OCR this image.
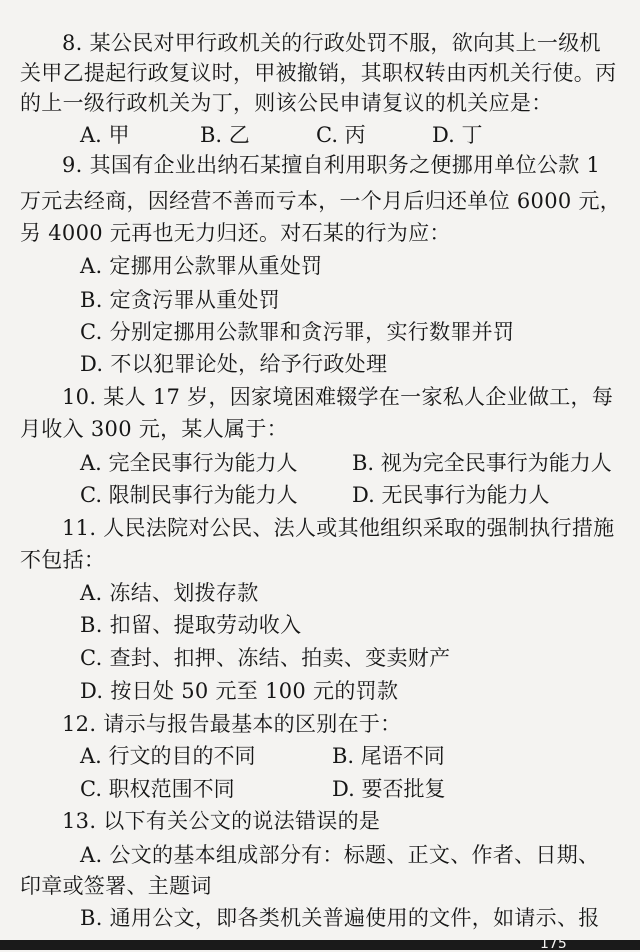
8. 某公民对甲行政机关的行政处罚不服，欲向其上一级机
关甲乙提起行政复议时，甲被撤销，其职权转由丙机关行使。丙
的上一级行政机关为丁，则该公民申请复议的机关应是：
A. 甲	B. 乙	C. 丙	D. 丁
9. 其国有企业出纳石某擅自利用职务之便挪用单位公款 1
万元去经商，因经营不善而亏本，一个月后归还单位 6000 元，
另 4000 元再也无力归还。对石某的行为应：
A. 定挪用公款罪从重处罚
B. 定贪污罪从重处罚
C. 分别定挪用公款罪和贪污罪，实行数罪并罚
D. 不以犯罪论处，给予行政处理
10. 某人 17 岁，因家境困难辍学在一家私人企业做工，每
月收入 300 元，某人属于：
A. 完全民事行为能力人	B. 视为完全民事行为能力人
C. 限制民事行为能力人	D. 无民事行为能力人
11. 人民法院对公民、法人或其他组织采取的强制执行措施
不包括：
A. 冻结、划拨存款
B. 扣留、提取劳动收入
C. 查封、扣押、冻结、拍卖、变卖财产
D. 按日处 50 元至 100 元的罚款
12. 请示与报告最基本的区别在于：
A. 行文的目的不同	B. 尾语不同
C. 职权范围不同	D. 要否批复
13. 以下有关公文的说法错误的是
A. 公文的基本组成部分有：标题、正文、作者、日期、
印章或签署、主题词
B. 通用公文，即各类机关普遍使用的文件，如请示、报
175
